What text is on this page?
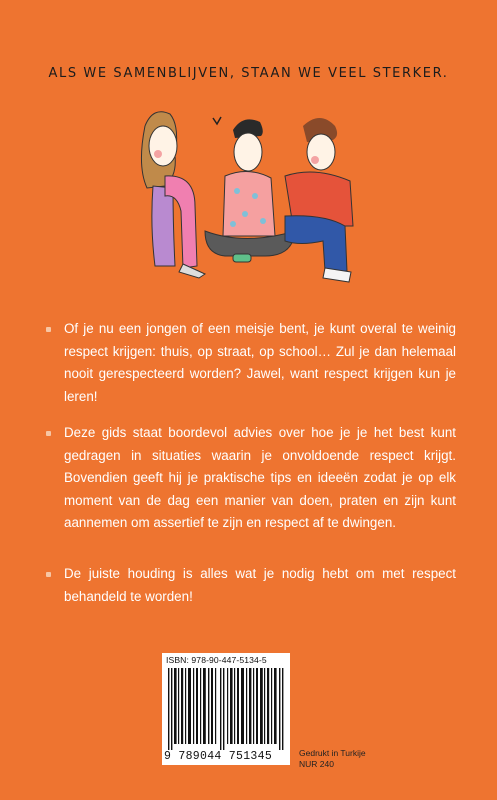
ALS WE SAMENBLIJVEN, STAAN WE VEEL STERKER.
Of je nu een jongen of een meisje bent, je kunt overal te weinig respect krijgen: thuis, op straat, op school… Zul je dan helemaal nooit gerespecteerd worden? Jawel, want respect krijgen kun je leren!
Deze gids staat boordevol advies over hoe je je het best kunt gedragen in situaties waarin je onvoldoende respect krijgt. Bovendien geeft hij je praktische tips en ideeën zodat je op elk moment van de dag een manier van doen, praten en zijn kunt aannemen om assertief te zijn en respect af te dwingen.
De juiste houding is alles wat je nodig hebt om met respect behandeld te worden!
ISBN: 978-90-447-5134-5
9 789044 751345	Gedrukt in Turkije
NUR 240
